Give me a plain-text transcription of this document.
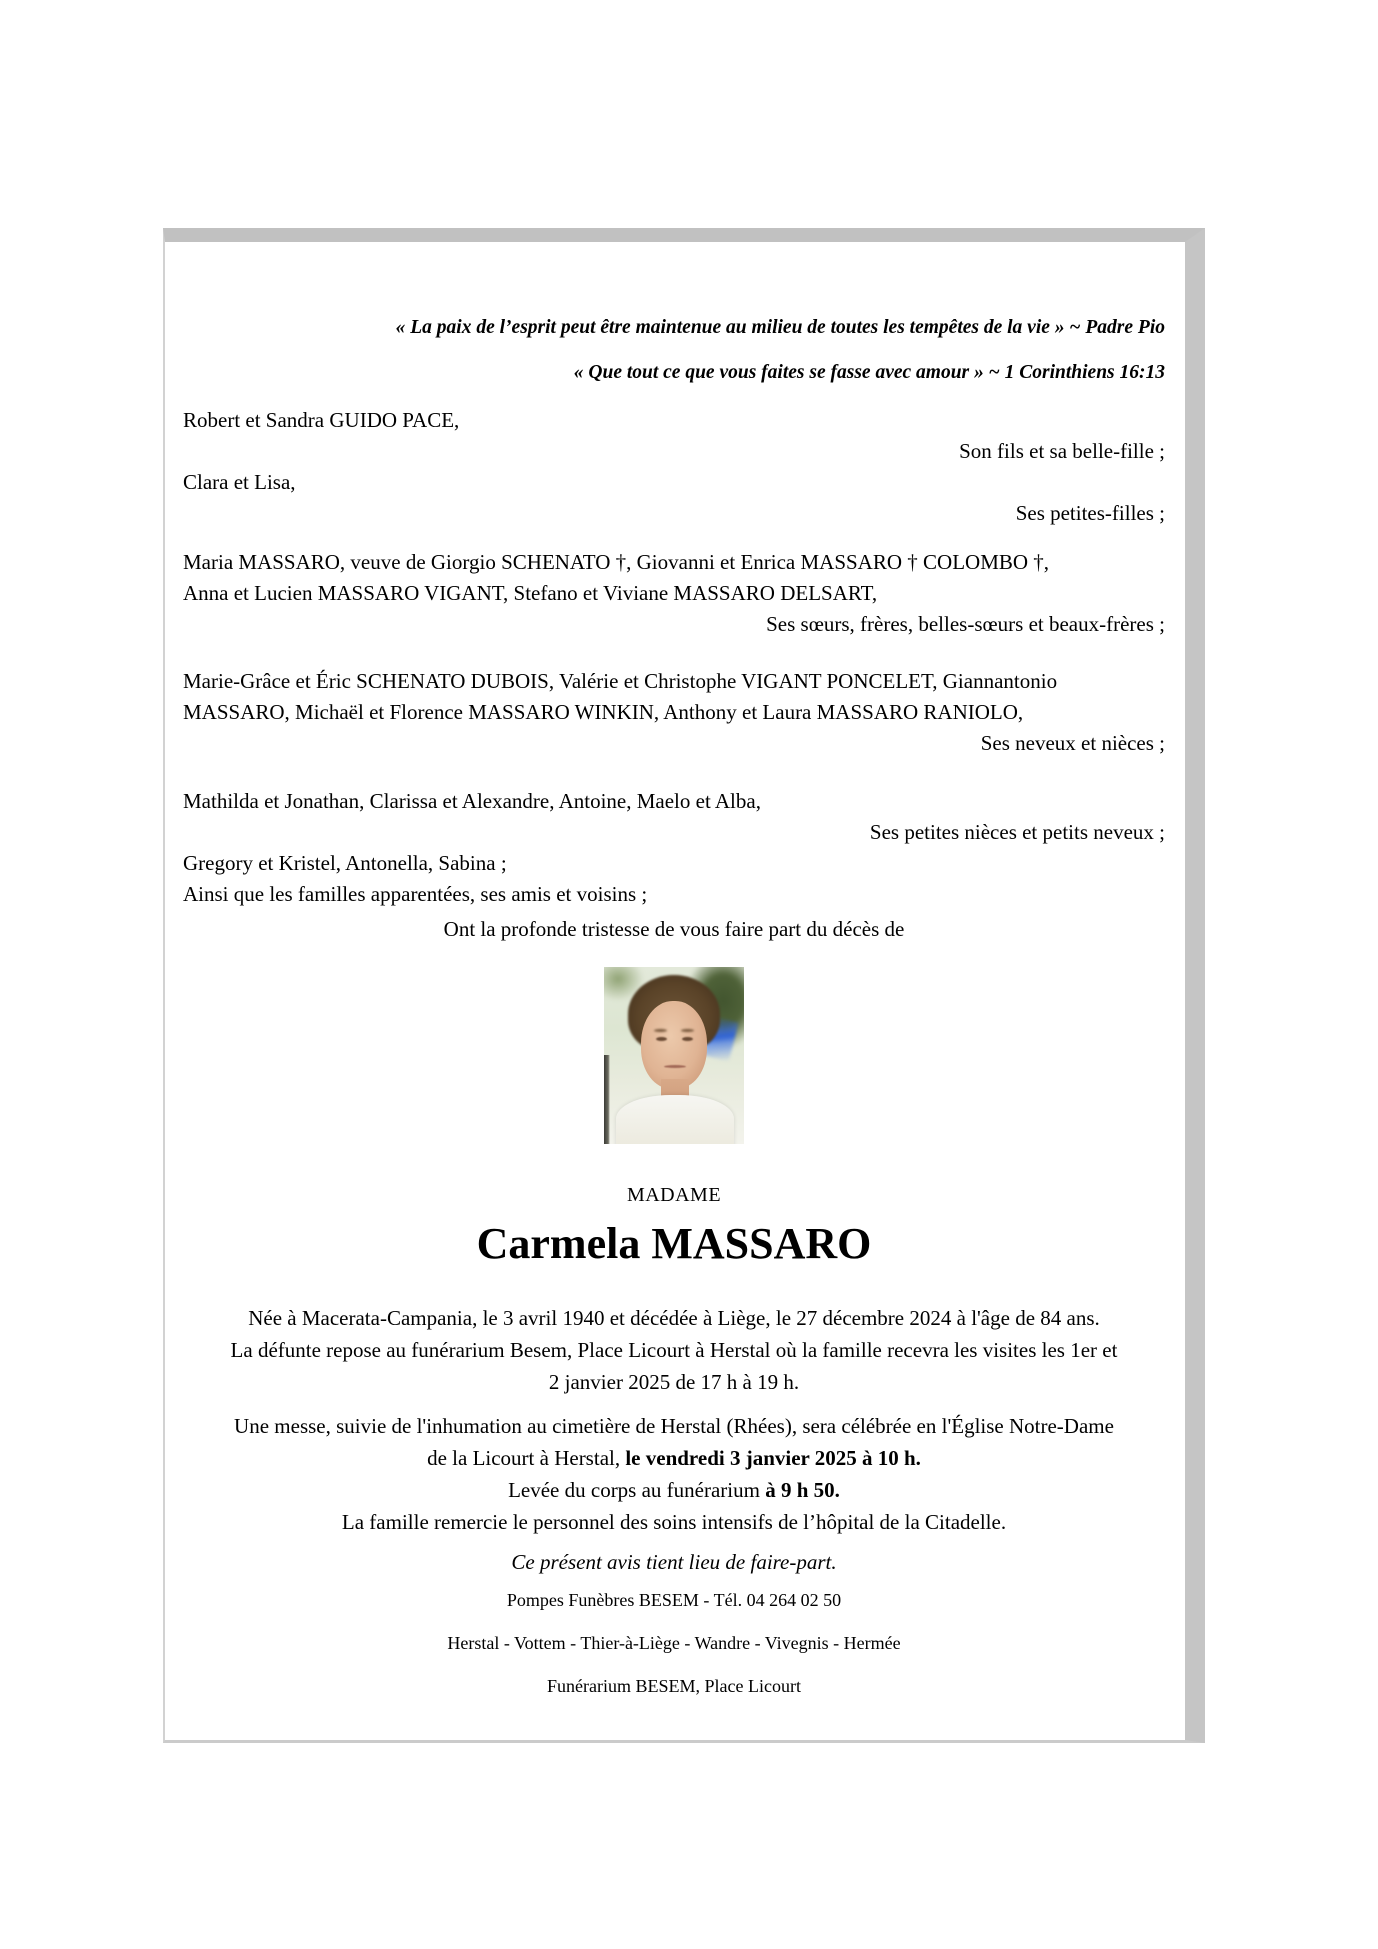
« La paix de l’esprit peut être maintenue au milieu de toutes les tempêtes de la vie » ~ Padre Pio
« Que tout ce que vous faites se fasse avec amour » ~ 1 Corinthiens 16:13
Robert et Sandra GUIDO PACE,
Son fils et sa belle-fille ;
Clara et Lisa,
Ses petites-filles ;
Maria MASSARO, veuve de Giorgio SCHENATO †, Giovanni et Enrica MASSARO † COLOMBO †,
Anna et Lucien MASSARO VIGANT, Stefano et Viviane MASSARO DELSART,
Ses sœurs, frères, belles-sœurs et beaux-frères ;
Marie-Grâce et Éric SCHENATO DUBOIS, Valérie et Christophe VIGANT PONCELET, Giannantonio
MASSARO, Michaël et Florence MASSARO WINKIN, Anthony et Laura MASSARO RANIOLO,
Ses neveux et nièces ;
Mathilda et Jonathan, Clarissa et Alexandre, Antoine, Maelo et Alba,
Ses petites nièces et petits neveux ;
Gregory et Kristel, Antonella, Sabina ;
Ainsi que les familles apparentées, ses amis et voisins ;
Ont la profonde tristesse de vous faire part du décès de
MADAME
Carmela MASSARO
Née à Macerata-Campania, le 3 avril 1940 et décédée à Liège, le 27 décembre 2024 à l'âge de 84 ans.
La défunte repose au funérarium Besem, Place Licourt à Herstal où la famille recevra les visites les 1er et
2 janvier 2025 de 17 h à 19 h.
Une messe, suivie de l'inhumation au cimetière de Herstal (Rhées), sera célébrée en l'Église Notre-Dame
de la Licourt à Herstal, le vendredi 3 janvier 2025 à 10 h.
Levée du corps au funérarium à 9 h 50.
La famille remercie le personnel des soins intensifs de l’hôpital de la Citadelle.
Ce présent avis tient lieu de faire-part.
Pompes Funèbres BESEM - Tél. 04 264 02 50
Herstal - Vottem - Thier-à-Liège - Wandre - Vivegnis - Hermée
Funérarium BESEM, Place Licourt
